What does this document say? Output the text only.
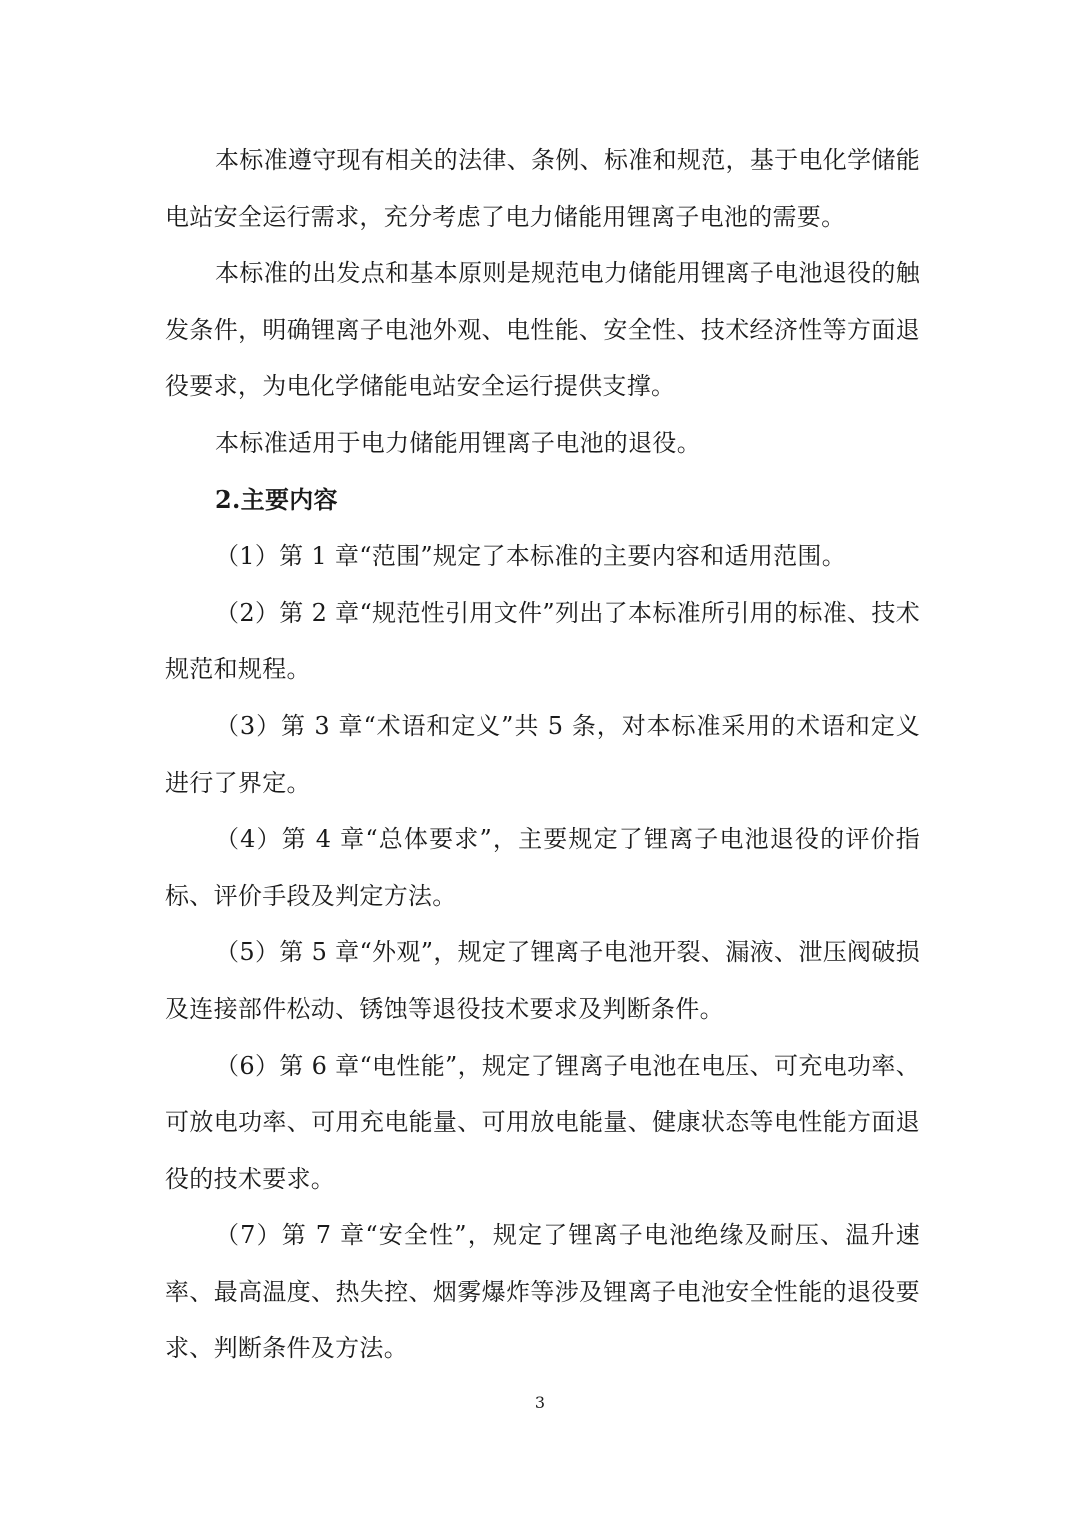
本标准遵守现有相关的法律、条例、标准和规范，基于电化学储能电站安全运行需求，充分考虑了电力储能用锂离子电池的需要。

本标准的出发点和基本原则是规范电力储能用锂离子电池退役的触发条件，明确锂离子电池外观、电性能、安全性、技术经济性等方面退役要求，为电化学储能电站安全运行提供支撑。

本标准适用于电力储能用锂离子电池的退役。

2.主要内容

（1）第 1 章“范围”规定了本标准的主要内容和适用范围。

（2）第 2 章“规范性引用文件”列出了本标准所引用的标准、技术规范和规程。

（3）第 3 章“术语和定义”共 5 条，对本标准采用的术语和定义进行了界定。

（4）第 4 章“总体要求”，主要规定了锂离子电池退役的评价指标、评价手段及判定方法。

（5）第 5 章“外观”，规定了锂离子电池开裂、漏液、泄压阀破损及连接部件松动、锈蚀等退役技术要求及判断条件。

（6）第 6 章“电性能”，规定了锂离子电池在电压、可充电功率、可放电功率、可用充电能量、可用放电能量、健康状态等电性能方面退役的技术要求。

（7）第 7 章“安全性”，规定了锂离子电池绝缘及耐压、温升速率、最高温度、热失控、烟雾爆炸等涉及锂离子电池安全性能的退役要求、判断条件及方法。

3
